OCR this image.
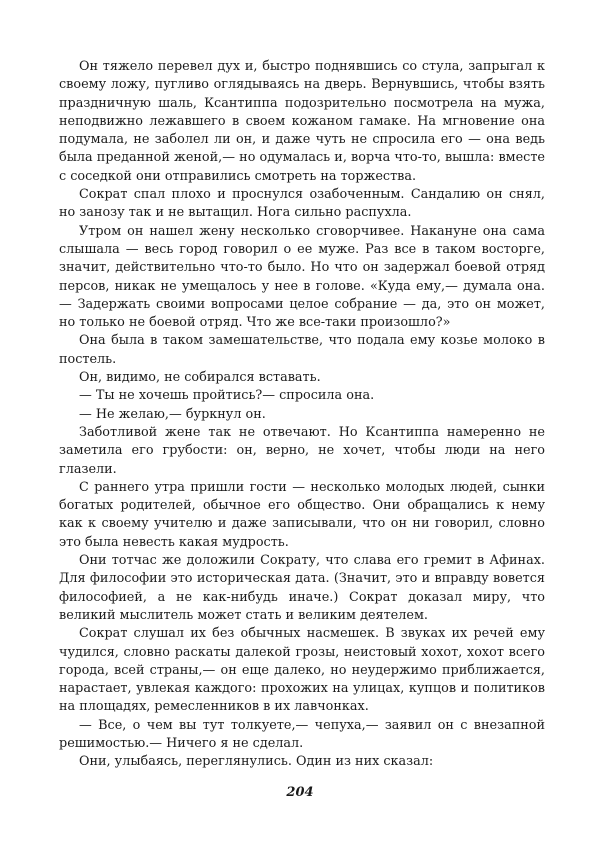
Он тяжело перевел дух и, быстро поднявшись со стула, запрыгал к своему ложу, пугливо оглядываясь на дверь. Вернувшись, чтобы взять праздничную шаль, Ксантиппа подозрительно посмотрела на мужа, неподвижно лежавшего в своем кожаном гамаке. На мгновение она подумала, не заболел ли он, и даже чуть не спросила его — она ведь была преданной женой,— но одумалась и, ворча что-то, вышла: вместе с соседкой они отправились смотреть на торжества.

Сократ спал плохо и проснулся озабоченным. Сандалию он снял, но занозу так и не вытащил. Нога сильно распухла.

Утром он нашел жену несколько сговорчивее. Накануне она сама слышала — весь город говорил о ее муже. Раз все в таком восторге, значит, действительно что-то было. Но что он задержал боевой отряд персов, никак не умещалось у нее в голове. «Куда ему,— думала она.— Задержать своими вопросами целое собрание — да, это он может, но только не боевой отряд. Что же все-таки произошло?»

Она была в таком замешательстве, что подала ему козье молоко в постель.

Он, видимо, не собирался вставать.

— Ты не хочешь пройтись?— спросила она.

— Не желаю,— буркнул он.

Заботливой жене так не отвечают. Но Ксантиппа намеренно не заметила его грубости: он, верно, не хочет, чтобы люди на него глазели.

С раннего утра пришли гости — несколько молодых людей, сынки богатых родителей, обычное его общество. Они обращались к нему как к своему учителю и даже записывали, что он ни говорил, словно это была невесть какая мудрость.

Они тотчас же доложили Сократу, что слава его гремит в Афинах. Для философии это историческая дата. (Значит, это и вправду вовется философией, а не как-нибудь иначе.) Сократ доказал миру, что великий мыслитель может стать и великим деятелем.

Сократ слушал их без обычных насмешек. В звуках их речей ему чудился, словно раскаты далекой грозы, неистовый хохот, хохот всего города, всей страны,— он еще далеко, но неудержимо приближается, нарастает, увлекая каждого: прохожих на улицах, купцов и политиков на площадях, ремесленников в их лавчонках.

— Все, о чем вы тут толкуете,— чепуха,— заявил он с внезапной решимостью.— Ничего я не сделал.

Они, улыбаясь, переглянулись. Один из них сказал:

204
